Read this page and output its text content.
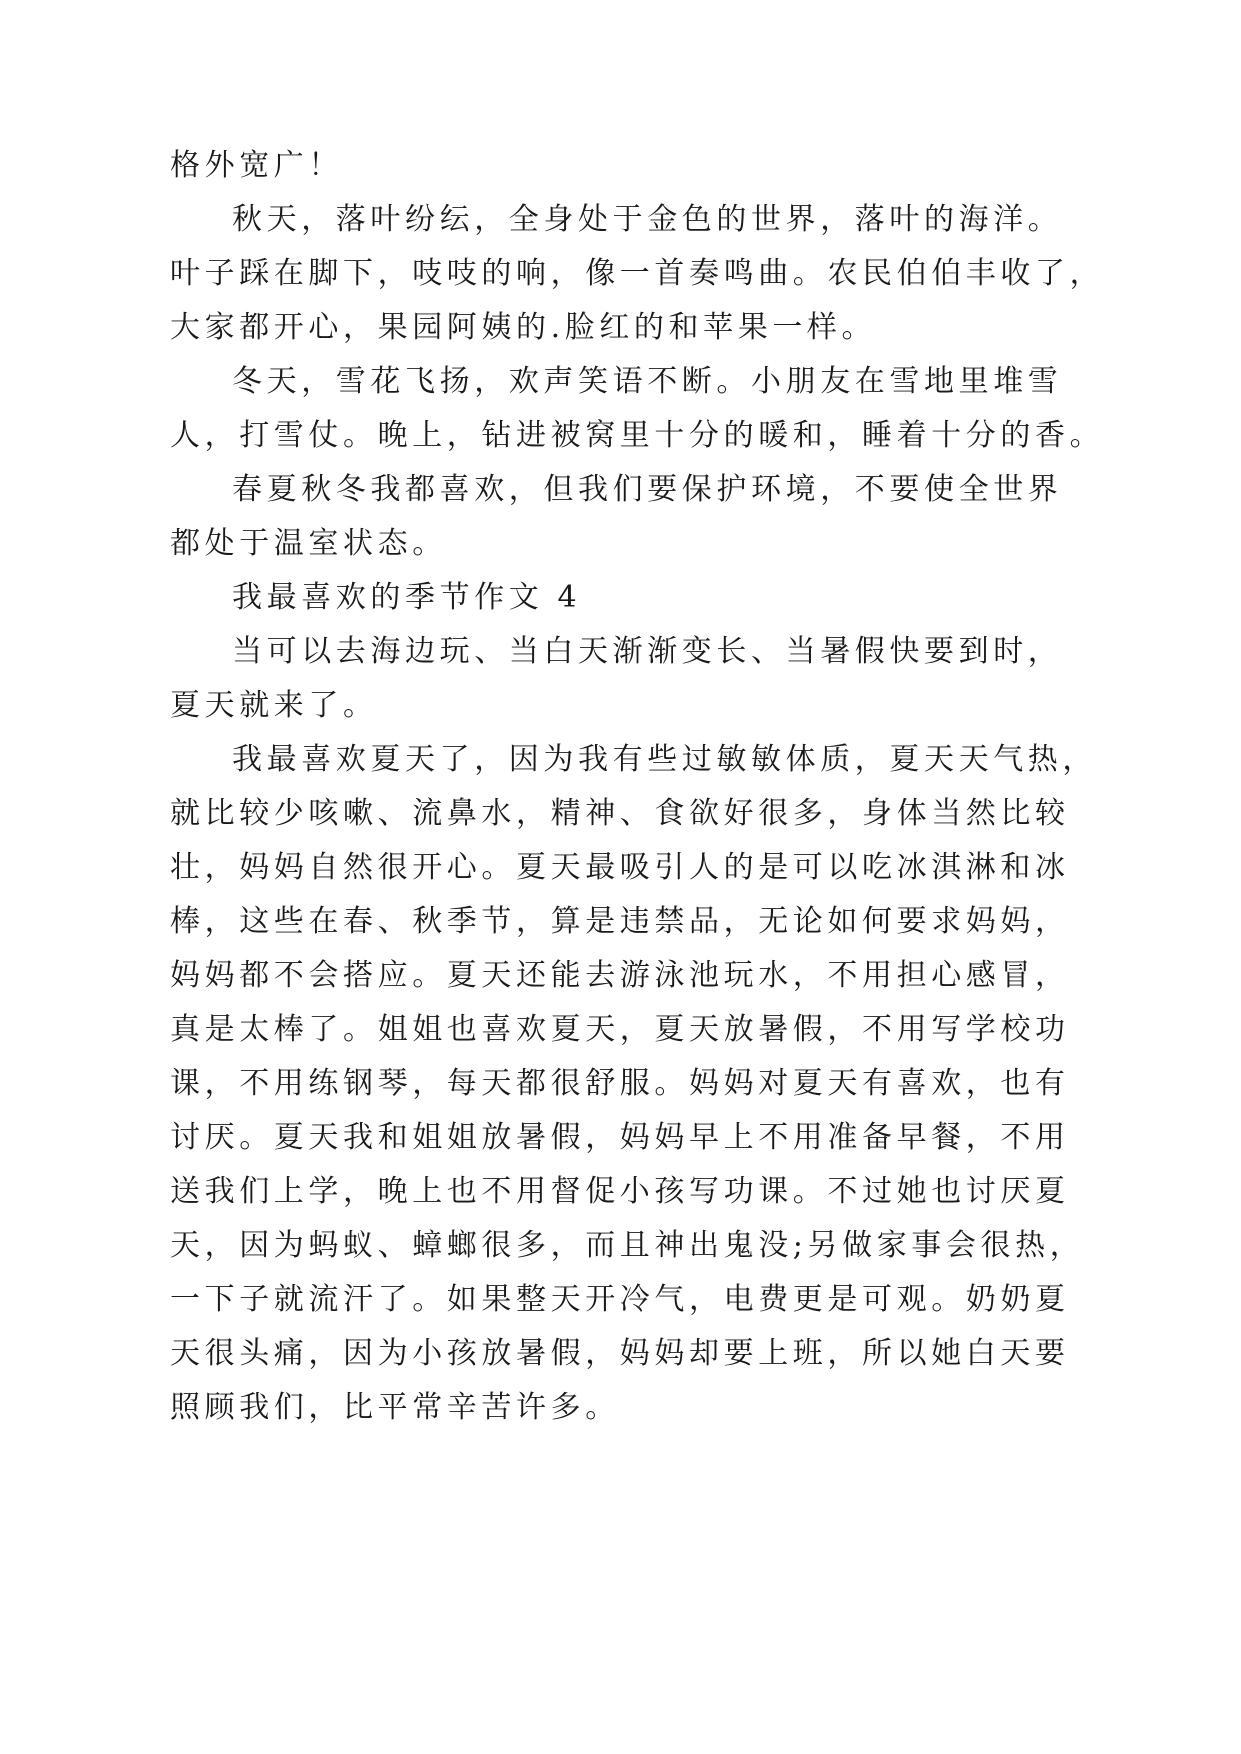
格外宽广！
秋天，落叶纷纭，全身处于金色的世界，落叶的海洋。
叶子踩在脚下，吱吱的响，像一首奏鸣曲。农民伯伯丰收了，
大家都开心，果园阿姨的.脸红的和苹果一样。
冬天，雪花飞扬，欢声笑语不断。小朋友在雪地里堆雪
人，打雪仗。晚上，钻进被窝里十分的暖和，睡着十分的香。
春夏秋冬我都喜欢，但我们要保护环境，不要使全世界
都处于温室状态。
我最喜欢的季节作文 4
当可以去海边玩、当白天渐渐变长、当暑假快要到时，
夏天就来了。
我最喜欢夏天了，因为我有些过敏敏体质，夏天天气热，
就比较少咳嗽、流鼻水，精神、食欲好很多，身体当然比较
壮，妈妈自然很开心。夏天最吸引人的是可以吃冰淇淋和冰
棒，这些在春、秋季节，算是违禁品，无论如何要求妈妈，
妈妈都不会搭应。夏天还能去游泳池玩水，不用担心感冒，
真是太棒了。姐姐也喜欢夏天，夏天放暑假，不用写学校功
课，不用练钢琴，每天都很舒服。妈妈对夏天有喜欢，也有
讨厌。夏天我和姐姐放暑假，妈妈早上不用准备早餐，不用
送我们上学，晚上也不用督促小孩写功课。不过她也讨厌夏
天，因为蚂蚁、蟑螂很多，而且神出鬼没;另做家事会很热，
一下子就流汗了。如果整天开冷气，电费更是可观。奶奶夏
天很头痛，因为小孩放暑假，妈妈却要上班，所以她白天要
照顾我们，比平常辛苦许多。
